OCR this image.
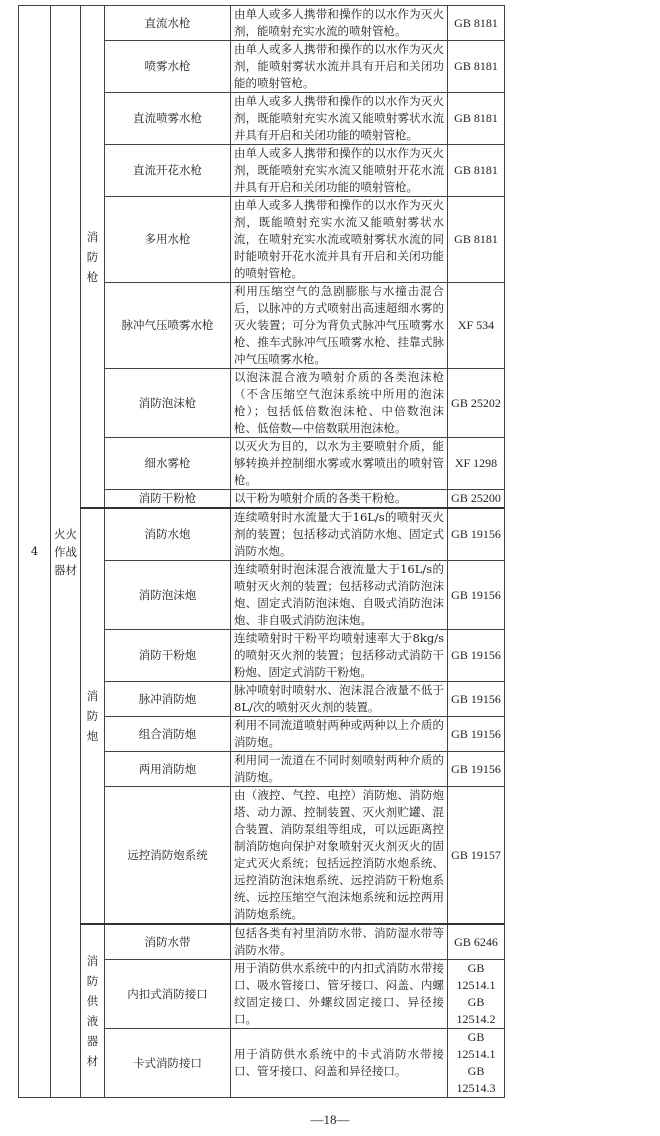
4	火火作战器材	消防枪	直流水枪	由单人或多人携带和操作的以水作为灭火剂，能喷射充实水流的喷射管枪。	GB 8181
			喷雾水枪	由单人或多人携带和操作的以水作为灭火剂，能喷射雾状水流并具有开启和关闭功能的喷射管枪。	GB 8181
			直流喷雾水枪	由单人或多人携带和操作的以水作为灭火剂，既能喷射充实水流又能喷射雾状水流并具有开启和关闭功能的喷射管枪。	GB 8181
			直流开花水枪	由单人或多人携带和操作的以水作为灭火剂，既能喷射充实水流又能喷射开花水流并具有开启和关闭功能的喷射管枪。	GB 8181
			多用水枪	由单人或多人携带和操作的以水作为灭火剂，既能喷射充实水流又能喷射雾状水流，在喷射充实水流或喷射雾状水流的同时能喷射开花水流并具有开启和关闭功能的喷射管枪。	GB 8181
			脉冲气压喷雾水枪	利用压缩空气的急剧膨胀与水撞击混合后，以脉冲的方式喷射出高速超细水雾的灭火装置；可分为背负式脉冲气压喷雾水枪、推车式脉冲气压喷雾水枪、挂靠式脉冲气压喷雾水枪。	XF 534
			消防泡沫枪	以泡沫混合液为喷射介质的各类泡沫枪（不含压缩空气泡沫系统中所用的泡沫枪）；包括低倍数泡沫枪、中倍数泡沫枪、低倍数—中倍数联用泡沫枪。	GB 25202
			细水雾枪	以灭火为目的，以水为主要喷射介质，能够转换并控制细水雾或水雾喷出的喷射管枪。	XF 1298
			消防干粉枪	以干粉为喷射介质的各类干粉枪。	GB 25200
		消防炮	消防水炮	连续喷射时水流量大于16L/s的喷射灭火剂的装置；包括移动式消防水炮、固定式消防水炮。	GB 19156
			消防泡沫炮	连续喷射时泡沫混合液流量大于16L/s的喷射灭火剂的装置；包括移动式消防泡沫炮、固定式消防泡沫炮、自吸式消防泡沫炮、非自吸式消防泡沫炮。	GB 19156
			消防干粉炮	连续喷射时干粉平均喷射速率大于8kg/s的喷射灭火剂的装置；包括移动式消防干粉炮、固定式消防干粉炮。	GB 19156
			脉冲消防炮	脉冲喷射时喷射水、泡沫混合液量不低于8L/次的喷射灭火剂的装置。	GB 19156
			组合消防炮	利用不同流道喷射两种或两种以上介质的消防炮。	GB 19156
			两用消防炮	利用同一流道在不同时刻喷射两种介质的消防炮。	GB 19156
			远控消防炮系统	由（液控、气控、电控）消防炮、消防炮塔、动力源、控制装置、灭火剂贮罐、混合装置、消防泵组等组成，可以远距离控制消防炮向保护对象喷射灭火剂灭火的固定式灭火系统；包括远控消防水炮系统、远控消防泡沫炮系统、远控消防干粉炮系统、远控压缩空气泡沫炮系统和远控两用消防炮系统。	GB 19157
		消防供液器材	消防水带	包括各类有衬里消防水带、消防湿水带等消防水带。	GB 6246
			内扣式消防接口	用于消防供水系统中的内扣式消防水带接口、吸水管接口、管牙接口、闷盖、内螺纹固定接口、外螺纹固定接口、异径接口。	GB 12514.1
GB 12514.2
			卡式消防接口	用于消防供水系统中的卡式消防水带接口、管牙接口、闷盖和异径接口。	GB 12514.1
GB 12514.3
—18—
